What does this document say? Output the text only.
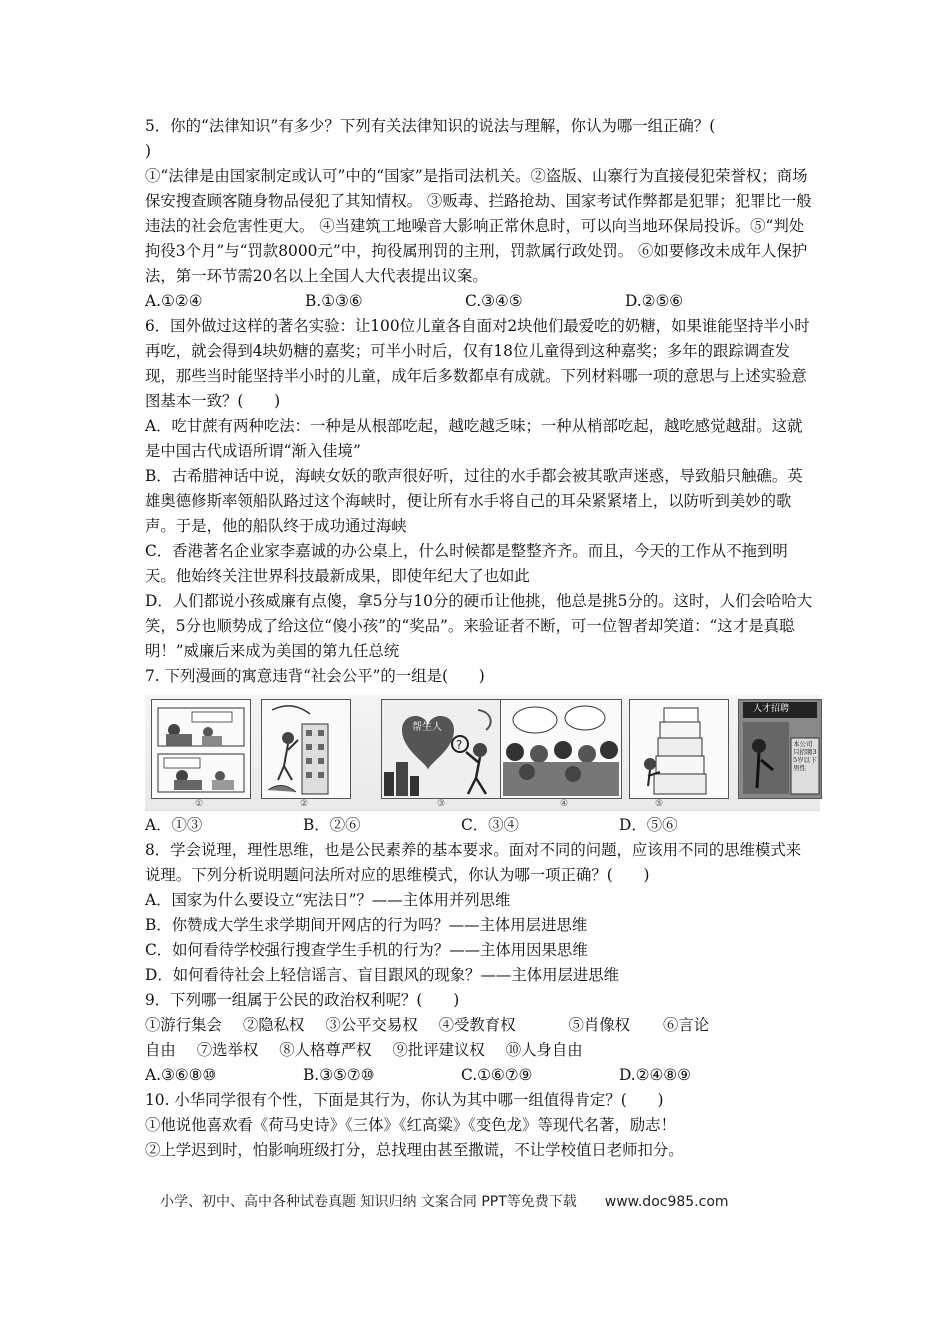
5．你的“法律知识”有多少？下列有关法律知识的说法与理解，你认为哪一组正确？(

)

①“法律是由国家制定或认可”中的“国家”是指司法机关。②盗版、山寨行为直接侵犯荣誉权；商场保安搜查顾客随身物品侵犯了其知情权。 ③贩毒、拦路抢劫、国家考试作弊都是犯罪；犯罪比一般违法的社会危害性更大。 ④当建筑工地噪音大影响正常休息时，可以向当地环保局投诉。⑤“判处拘役3个月”与“罚款8000元”中，拘役属刑罚的主刑，罚款属行政处罚。 ⑥如要修改未成年人保护法，第一环节需20名以上全国人大代表提出议案。

A.①②④	B.①③⑥	C.③④⑤	D.②⑤⑥

6．国外做过这样的著名实验：让100位儿童各自面对2块他们最爱吃的奶糖，如果谁能坚持半小时再吃，就会得到4块奶糖的嘉奖；可半小时后，仅有18位儿童得到这种嘉奖；多年的跟踪调查发现，那些当时能坚持半小时的儿童，成年后多数都卓有成就。下列材料哪一项的意思与上述实验意图基本一致？(　　)

A．吃甘蔗有两种吃法：一种是从根部吃起，越吃越乏味；一种从梢部吃起，越吃感觉越甜。这就是中国古代成语所谓“渐入佳境”

B．古希腊神话中说，海峡女妖的歌声很好听，过往的水手都会被其歌声迷惑，导致船只触礁。英雄奥德修斯率领船队路过这个海峡时，便让所有水手将自己的耳朵紧紧堵上，以防听到美妙的歌声。于是，他的船队终于成功通过海峡

C．香港著名企业家李嘉诚的办公桌上，什么时候都是整整齐齐。而且，今天的工作从不拖到明天。他始终关注世界科技最新成果，即使年纪大了也如此

D．人们都说小孩威廉有点傻，拿5分与10分的硬币让他挑，他总是挑5分的。这时，人们会哈哈大笑，5分也顺势成了给这位“傻小孩”的“奖品”。来验证者不断，可一位智者却笑道：“这才是真聪明！”威廉后来成为美国的第九任总统

7. 下列漫画的寓意违背“社会公平”的一组是(　　)

①	②
?
帮生人
③	④	⑤
人才招聘
本公司只招聘35岁以下男性
A．①③	B．②⑥	C．③④	D．⑤⑥

8．学会说理，理性思维，也是公民素养的基本要求。面对不同的问题，应该用不同的思维模式来说理。下列分析说明题问法所对应的思维模式，你认为哪一项正确？(　　)

A．国家为什么要设立“宪法日”？——主体用并列思维

B．你赞成大学生求学期间开网店的行为吗？——主体用层进思维

C．如何看待学校强行搜查学生手机的行为？——主体用因果思维

D．如何看待社会上轻信谣言、盲目跟风的现象？——主体用层进思维

9．下列哪一组属于公民的政治权利呢？(　　)

①游行集会 ②隐私权 ③公平交易权 ④受教育权	⑤肖像权 ⑥言论
自由 ⑦选举权 ⑧人格尊严权 ⑨批评建议权 ⑩人身自由
A.③⑥⑧⑩	B.③⑤⑦⑩	C.①⑥⑦⑨	D.②④⑧⑨

10. 小华同学很有个性，下面是其行为，你认为其中哪一组值得肯定？(　　)

①他说他喜欢看《荷马史诗》《三体》《红高粱》《变色龙》等现代名著，励志！

②上学迟到时，怕影响班级打分，总找理由甚至撒谎，不让学校值日老师扣分。

小学、初中、高中各种试卷真题 知识归纳 文案合同 PPT等免费下载　　www.doc985.com
